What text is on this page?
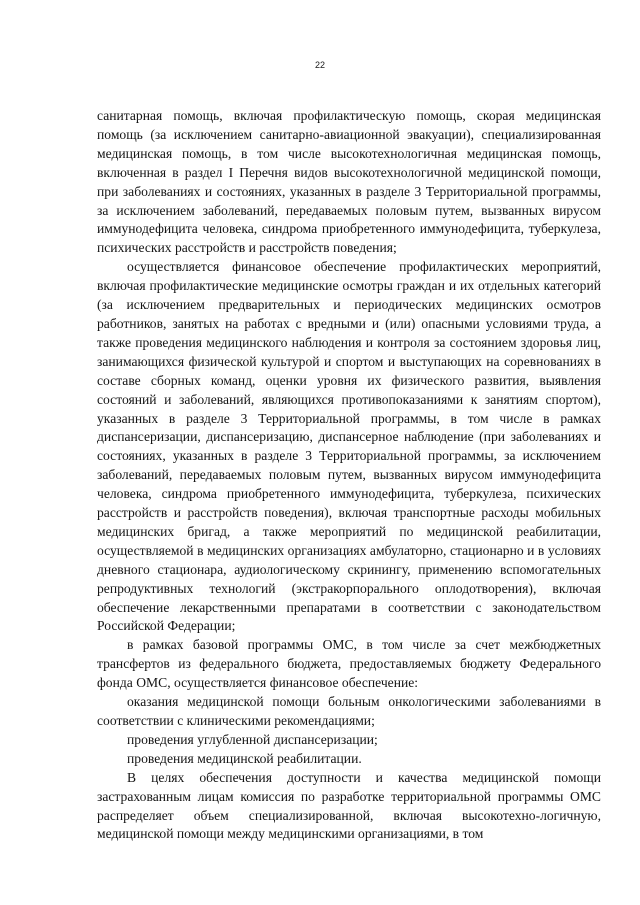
22

санитарная помощь, включая профилактическую помощь, скорая медицинская помощь (за исключением санитарно-авиационной эвакуации), специализированная медицинская помощь, в том числе высокотехнологичная медицинская помощь, включенная в раздел I Перечня видов высокотехнологичной медицинской помощи, при заболеваниях и состояниях, указанных в разделе 3 Территориальной программы, за исключением заболеваний, передаваемых половым путем, вызванных вирусом иммунодефицита человека, синдрома приобретенного иммунодефицита, туберкулеза, психических расстройств и расстройств поведения;

осуществляется финансовое обеспечение профилактических мероприятий, включая профилактические медицинские осмотры граждан и их отдельных категорий (за исключением предварительных и периодических медицинских осмотров работников, занятых на работах с вредными и (или) опасными условиями труда, а также проведения медицинского наблюдения и контроля за состоянием здоровья лиц, занимающихся физической культурой и спортом и выступающих на соревнованиях в составе сборных команд, оценки уровня их физического развития, выявления состояний и заболеваний, являющихся противопоказаниями к занятиям спортом), указанных в разделе 3 Территориальной программы, в том числе в рамках диспансеризации, диспансеризацию, диспансерное наблюдение (при заболеваниях и состояниях, указанных в разделе 3 Территориальной программы, за исключением заболеваний, передаваемых половым путем, вызванных вирусом иммунодефицита человека, синдрома приобретенного иммунодефицита, туберкулеза, психических расстройств и расстройств поведения), включая транспортные расходы мобильных медицинских бригад, а также мероприятий по медицинской реабилитации, осуществляемой в медицинских организациях амбулаторно, стационарно и в условиях дневного стационара, аудиологическому скринингу, применению вспомогательных репродуктивных технологий (экстракорпорального оплодотворения), включая обеспечение лекарственными препаратами в соответствии с законодательством Российской Федерации;

в рамках базовой программы ОМС, в том числе за счет межбюджетных трансфертов из федерального бюджета, предоставляемых бюджету Федерального фонда ОМС, осуществляется финансовое обеспечение:

оказания медицинской помощи больным онкологическими заболеваниями в соответствии с клиническими рекомендациями;

проведения углубленной диспансеризации;

проведения медицинской реабилитации.

В целях обеспечения доступности и качества медицинской помощи застрахованным лицам комиссия по разработке территориальной программы ОМС распределяет объем специализированной, включая высокотехно-логичную, медицинской помощи между медицинскими организациями, в том
